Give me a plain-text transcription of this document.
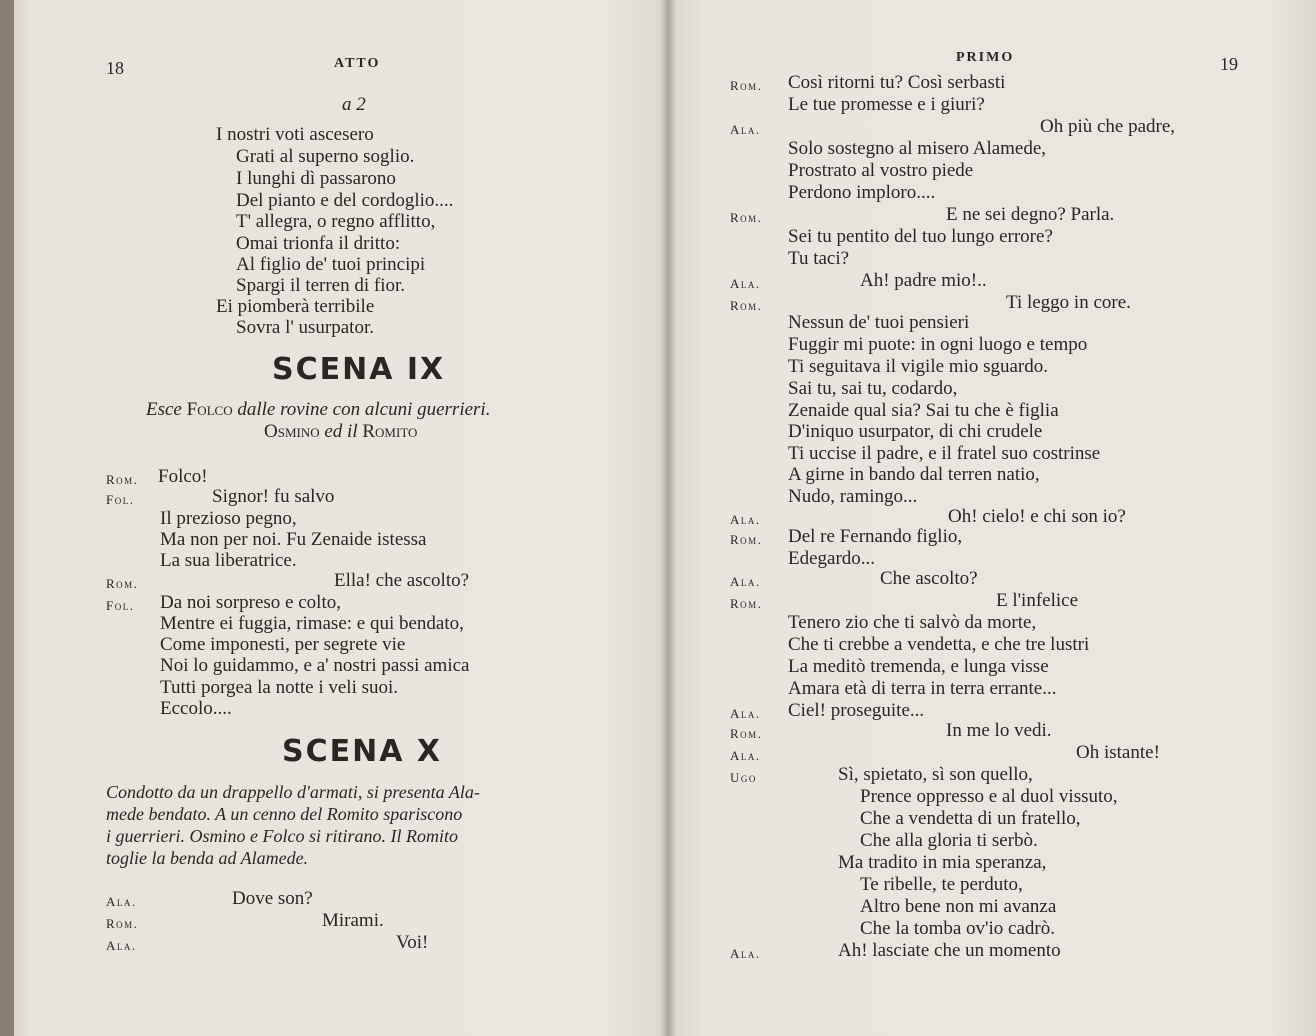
18	ATTO
a 2
I nostri voti ascesero
Grati al superno soglio.
I lunghi dì passarono
Del pianto e del cordoglio....
T' allegra, o regno afflitto,
Omai trionfa il dritto:
Al figlio de' tuoi principi
Spargi il terren di fior.
Ei piomberà terribile
Sovra l' usurpator.
SCENA IX
Esce Folco dalle rovine con alcuni guerrieri.
Osmino ed il Romito
Rom. Folco!
Fol.	Signor! fu salvo
Il prezioso pegno,
Ma non per noi. Fu Zenaide istessa
La sua liberatrice.
Rom.	Ella! che ascolto?
Fol. Da noi sorpreso e colto,
Mentre ei fuggia, rimase: e qui bendato,
Come imponesti, per segrete vie
Noi lo guidammo, e a' nostri passi amica
Tutti porgea la notte i veli suoi.
Eccolo....
SCENA X
Condotto da un drappello d'armati, si presenta Ala-
mede bendato. A un cenno del Romito spariscono
i guerrieri. Osmino e Folco si ritirano. Il Romito
toglie la benda ad Alamede.
Ala.	Dove son?
Rom.	Mirami.
Ala.	Voi!
PRIMO	19
Rom. Così ritorni tu? Così serbasti
Le tue promesse e i giuri?
Ala.	Oh più che padre,
Solo sostegno al misero Alamede,
Prostrato al vostro piede
Perdono imploro....
Rom.	E ne sei degno? Parla.
Sei tu pentito del tuo lungo errore?
Tu taci?
Ala.	Ah! padre mio!..
Rom.	Ti leggo in core.
Nessun de' tuoi pensieri
Fuggir mi puote: in ogni luogo e tempo
Ti seguitava il vigile mio sguardo.
Sai tu, sai tu, codardo,
Zenaide qual sia? Sai tu che è figlia
D'iniquo usurpator, di chi crudele
Ti uccise il padre, e il fratel suo costrinse
A girne in bando dal terren natio,
Nudo, ramingo...
Ala.	Oh! cielo! e chi son io?
Rom. Del re Fernando figlio,
Edegardo...
Ala.	Che ascolto?
Rom.	E l'infelice
Tenero zio che ti salvò da morte,
Che ti crebbe a vendetta, e che tre lustri
La meditò tremenda, e lunga visse
Amara età di terra in terra errante...
Ala. Ciel! proseguite...
Rom.	In me lo vedi.
Ala.	Oh istante!
Ugo	Sì, spietato, sì son quello,
Prence oppresso e al duol vissuto,
Che a vendetta di un fratello,
Che alla gloria ti serbò.
Ma tradito in mia speranza,
Te ribelle, te perduto,
Altro bene non mi avanza
Che la tomba ov'io cadrò.
Ala.	Ah! lasciate che un momento
